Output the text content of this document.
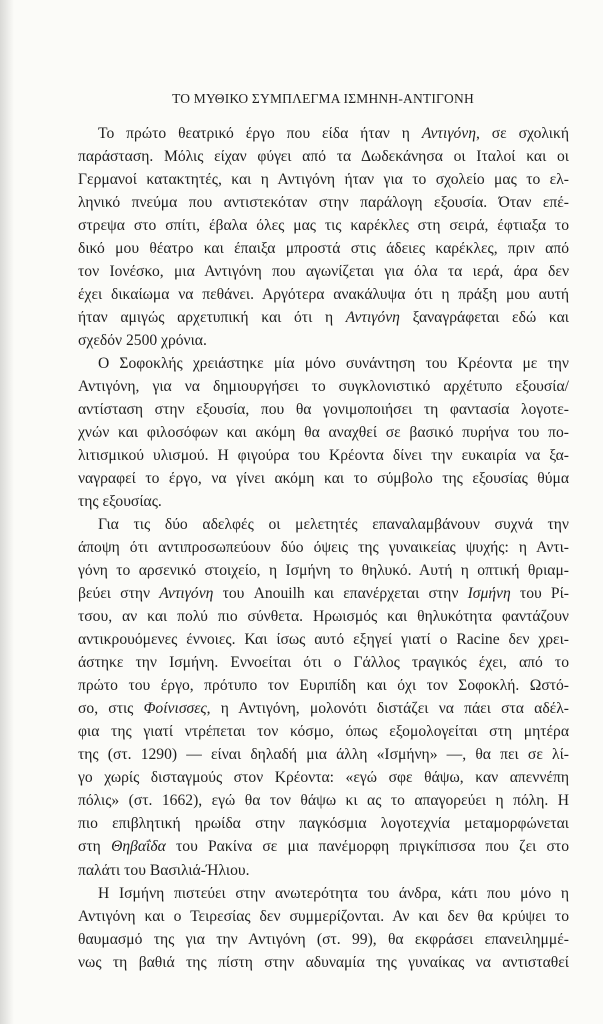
ΤΟ ΜΥΘΙΚΟ ΣΥΜΠΛΕΓΜΑ ΙΣΜΗΝΗ-ΑΝΤΙΓΟΝΗ
Το πρώτο θεατρικό έργο που είδα ήταν η Αντιγόνη, σε σχολική
παράσταση. Μόλις είχαν φύγει από τα Δωδεκάνησα οι Ιταλοί και οι
Γερμανοί κατακτητές, και η Αντιγόνη ήταν για το σχολείο μας το ελ-
ληνικό πνεύμα που αντιστεκόταν στην παράλογη εξουσία. Όταν επέ-
στρεψα στο σπίτι, έβαλα όλες μας τις καρέκλες στη σειρά, έφτιαξα το
δικό μου θέατρο και έπαιξα μπροστά στις άδειες καρέκλες, πριν από
τον Ιονέσκο, μια Αντιγόνη που αγωνίζεται για όλα τα ιερά, άρα δεν
έχει δικαίωμα να πεθάνει. Αργότερα ανακάλυψα ότι η πράξη μου αυτή
ήταν αμιγώς αρχετυπική και ότι η Αντιγόνη ξαναγράφεται εδώ και
σχεδόν 2500 χρόνια.
Ο Σοφοκλής χρειάστηκε μία μόνο συνάντηση του Κρέοντα με την
Αντιγόνη, για να δημιουργήσει το συγκλονιστικό αρχέτυπο εξουσία/
αντίσταση στην εξουσία, που θα γονιμοποιήσει τη φαντασία λογοτε-
χνών και φιλοσόφων και ακόμη θα αναχθεί σε βασικό πυρήνα του πο-
λιτισμικού υλισμού. Η φιγούρα του Κρέοντα δίνει την ευκαιρία να ξα-
ναγραφεί το έργο, να γίνει ακόμη και το σύμβολο της εξουσίας θύμα
της εξουσίας.
Για τις δύο αδελφές οι μελετητές επαναλαμβάνουν συχνά την
άποψη ότι αντιπροσωπεύουν δύο όψεις της γυναικείας ψυχής: η Αντι-
γόνη το αρσενικό στοιχείο, η Ισμήνη το θηλυκό. Αυτή η οπτική θριαμ-
βεύει στην Αντιγόνη του Anouilh και επανέρχεται στην Ισμήνη του Ρί-
τσου, αν και πολύ πιο σύνθετα. Ηρωισμός και θηλυκότητα φαντάζουν
αντικρουόμενες έννοιες. Και ίσως αυτό εξηγεί γιατί ο Racine δεν χρει-
άστηκε την Ισμήνη. Εννοείται ότι ο Γάλλος τραγικός έχει, από το
πρώτο του έργο, πρότυπο τον Ευριπίδη και όχι τον Σοφοκλή. Ωστό-
σο, στις Φοίνισσες, η Αντιγόνη, μολονότι διστάζει να πάει στα αδέλ-
φια της γιατί ντρέπεται τον κόσμο, όπως εξομολογείται στη μητέρα
της (στ. 1290) — είναι δηλαδή μια άλλη «Ισμήνη» —, θα πει σε λί-
γο χωρίς δισταγμούς στον Κρέοντα: «εγώ σφε θάψω, καν απεννέπη
πόλις» (στ. 1662), εγώ θα τον θάψω κι ας το απαγορεύει η πόλη. Η
πιο επιβλητική ηρωίδα στην παγκόσμια λογοτεχνία μεταμορφώνεται
στη Θηβαΐδα του Ρακίνα σε μια πανέμορφη πριγκίπισσα που ζει στο
παλάτι του Βασιλιά-Ήλιου.
Η Ισμήνη πιστεύει στην ανωτερότητα του άνδρα, κάτι που μόνο η
Αντιγόνη και ο Τειρεσίας δεν συμμερίζονται. Αν και δεν θα κρύψει το
θαυμασμό της για την Αντιγόνη (στ. 99), θα εκφράσει επανειλημμέ-
νως τη βαθιά της πίστη στην αδυναμία της γυναίκας να αντισταθεί
